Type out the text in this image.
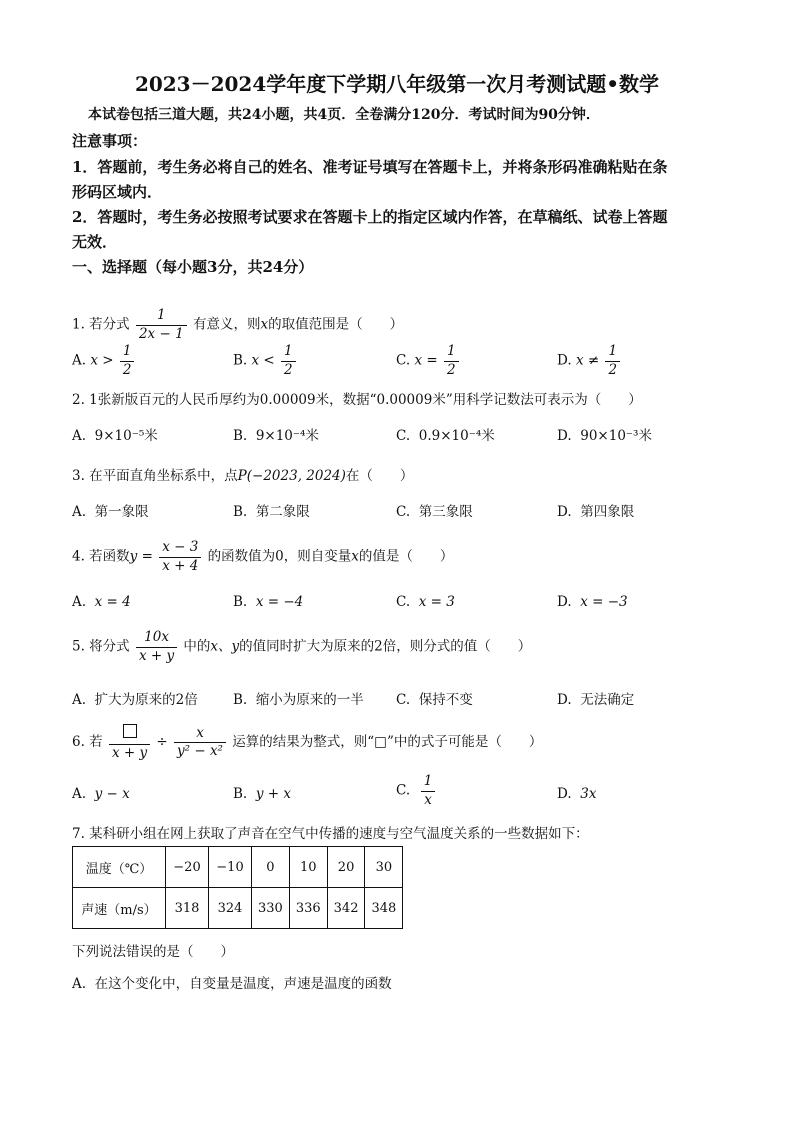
2023－2024学年度下学期八年级第一次月考测试题•数学
本试卷包括三道大题，共24小题，共4页．全卷满分120分．考试时间为90分钟．
注意事项：
1．答题前，考生务必将自己的姓名、准考证号填写在答题卡上，并将条形码准确粘贴在条
形码区域内．
2．答题时，考生务必按照考试要求在答题卡上的指定区域内作答，在草稿纸、试卷上答题
无效．
一、选择题（每小题3分，共24分）
1. 若分式 $\frac{1}{2x - 1}$ 有意义，则x的取值范围是（　　）
A. $x > \frac{1}{2}$	B. $x < \frac{1}{2}$	C. $x = \frac{1}{2}$	D. $x \ne \frac{1}{2}$
2. 1张新版百元的人民币厚约为0.00009米，数据“0.00009米”用科学记数法可表示为（　　）
A. 9×10⁻⁵米	B. 9×10⁻⁴米	C. 0.9×10⁻⁴米	D. 90×10⁻³米
3. 在平面直角坐标系中，点P(−2023, 2024)在（　　）
A. 第一象限	B. 第二象限	C. 第三象限	D. 第四象限
4. 若函数$y = \frac{x - 3}{x + 4}$ 的函数值为0，则自变量x的值是（　　）
A. x = 4	B. x = −4	C. x = 3	D. x = −3
5. 将分式 $\frac{10x}{x + y}$ 中的x、y的值同时扩大为原来的2倍，则分式的值（　　）
A. 扩大为原来的2倍	B. 缩小为原来的一半 C. 保持不变	D. 无法确定
6. 若
x + y
÷ $\frac{x}{\text{y² − x²}}$ 运算的结果为整式，则“□”中的式子可能是（　　）
A. y − x	B. y + x	C. $\frac{1}{x}$	D. 3x
7. 某科研小组在网上获取了声音在空气中传播的速度与空气温度关系的一些数据如下：
温度（℃）	−20	−10	0	10	20	30
声速（m/s）	318	324	330	336	342	348
下列说法错误的是（　　）
A. 在这个变化中，自变量是温度，声速是温度的函数
